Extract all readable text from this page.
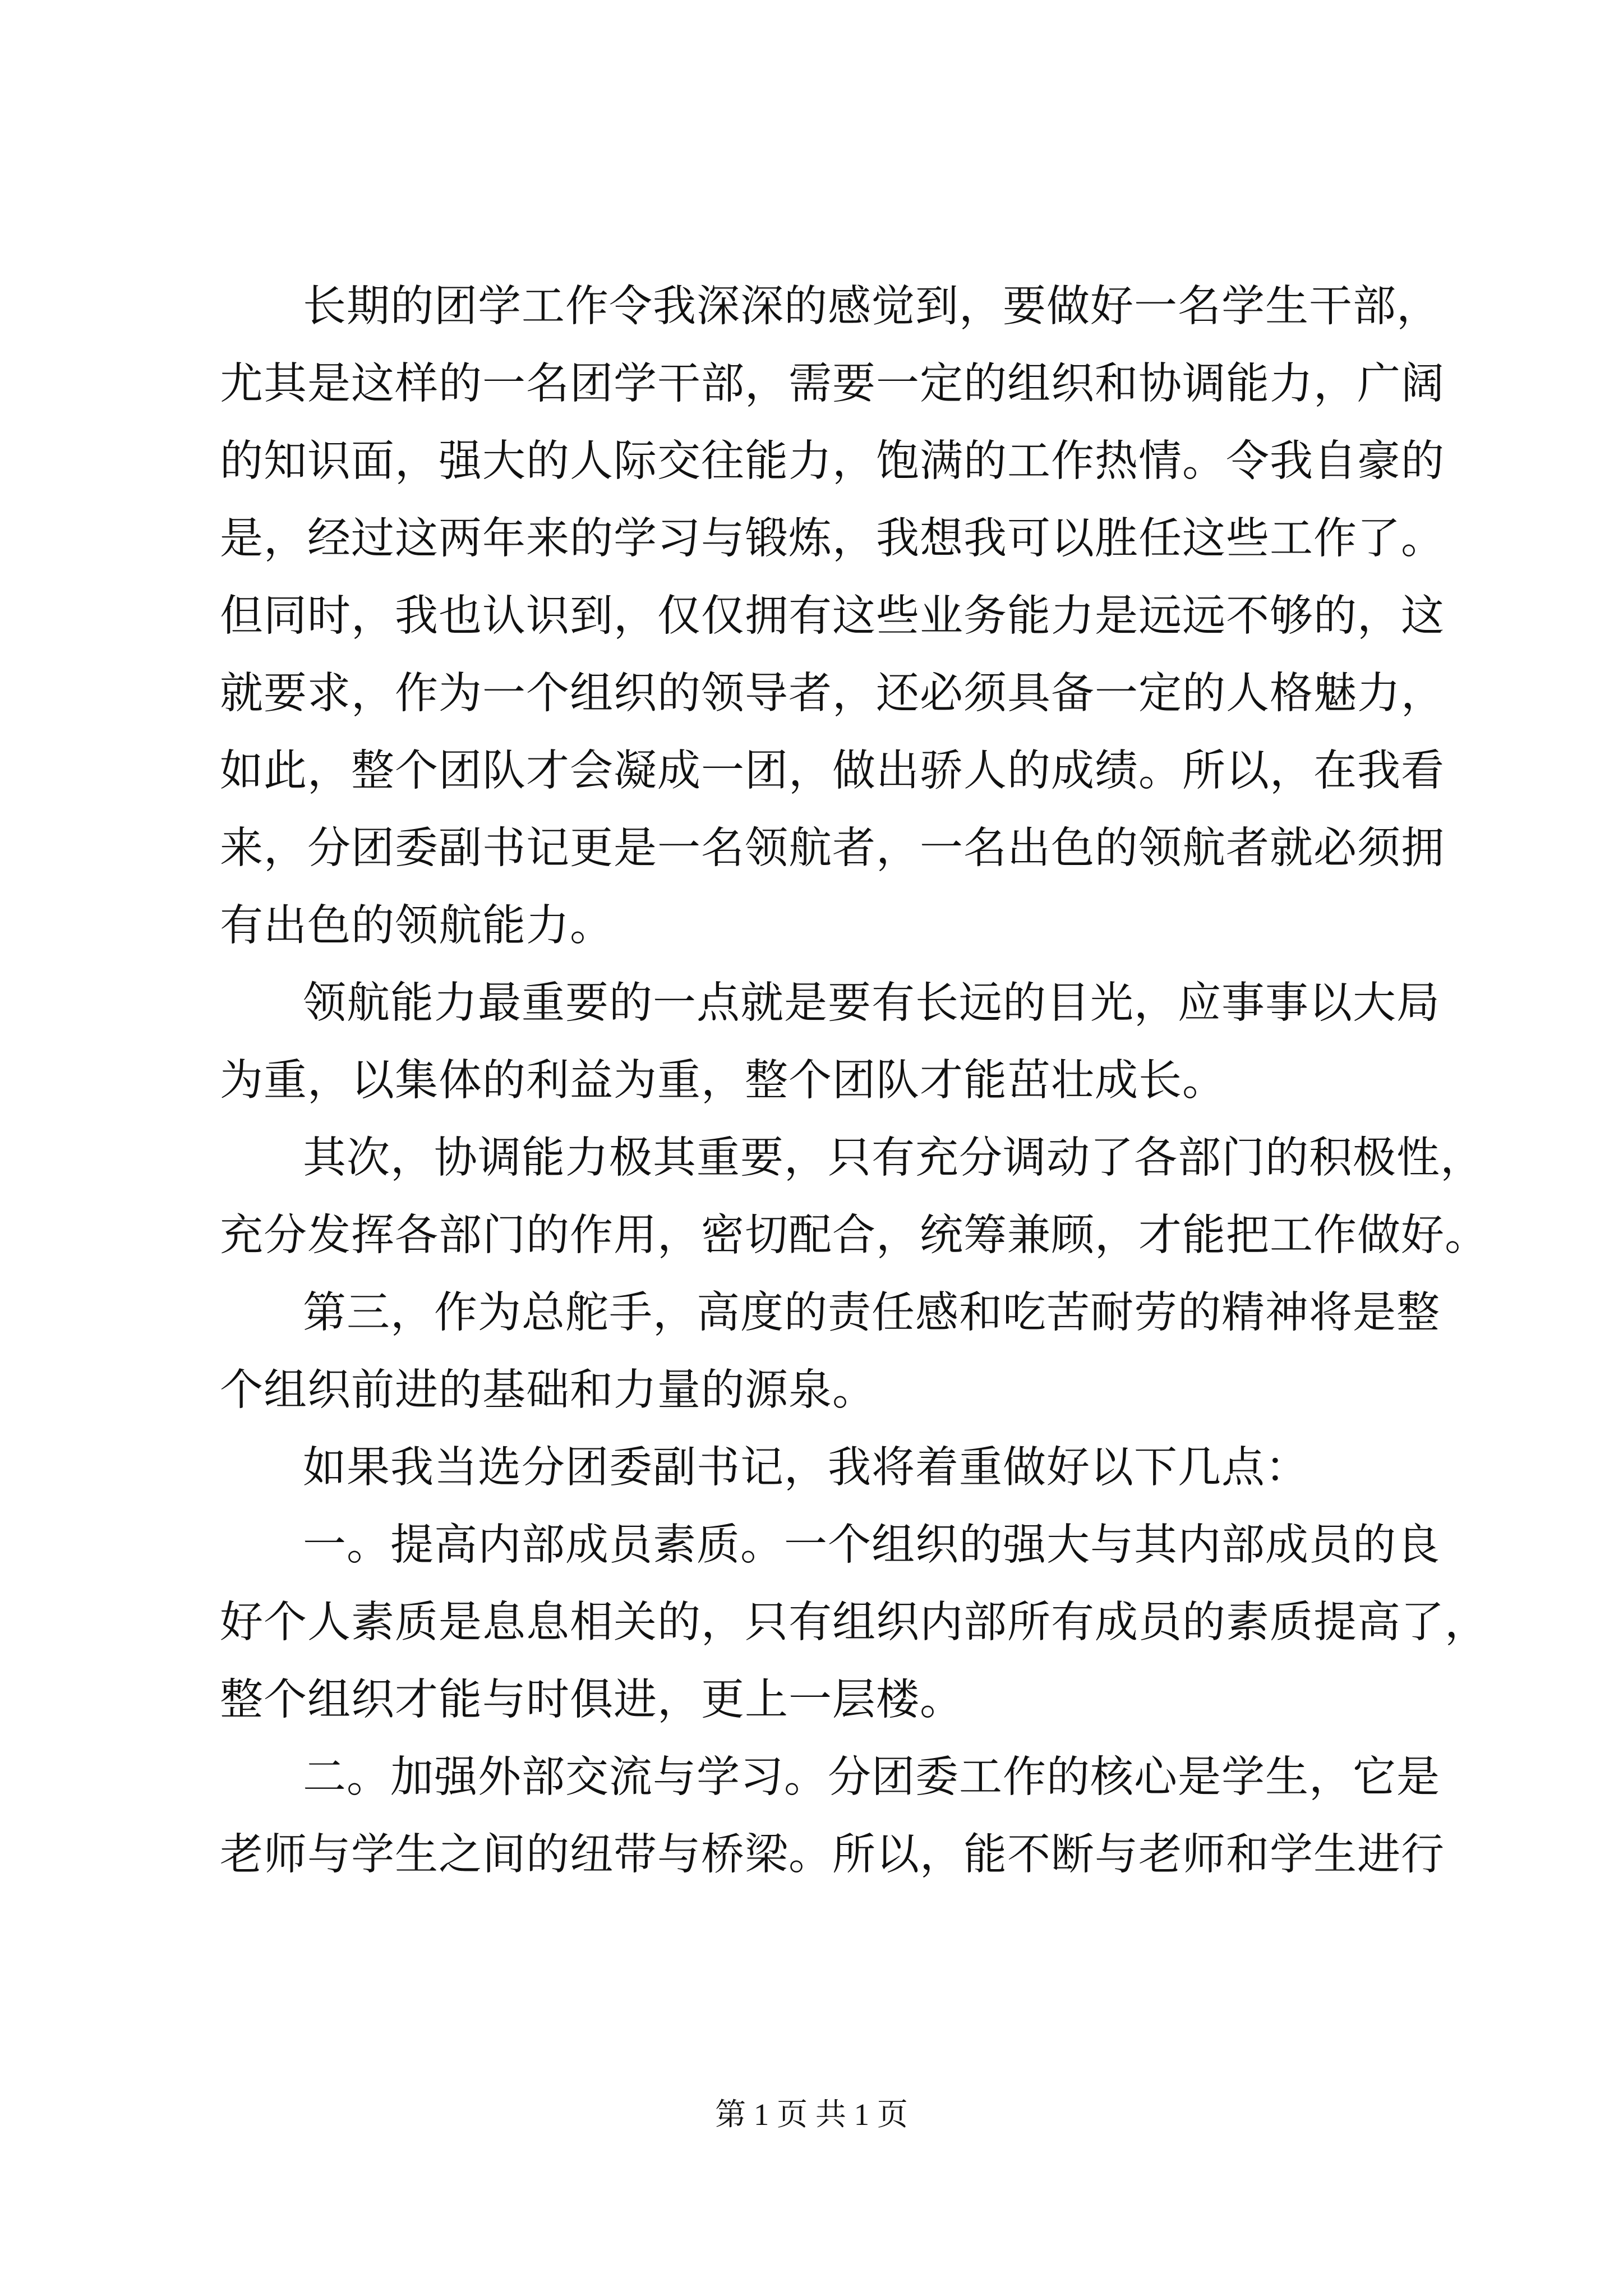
长期的团学工作令我深深的感觉到，要做好一名学生干部，
尤其是这样的一名团学干部，需要一定的组织和协调能力，广阔
的知识面，强大的人际交往能力，饱满的工作热情。令我自豪的
是，经过这两年来的学习与锻炼，我想我可以胜任这些工作了。
但同时，我也认识到，仅仅拥有这些业务能力是远远不够的，这
就要求，作为一个组织的领导者，还必须具备一定的人格魅力，
如此，整个团队才会凝成一团，做出骄人的成绩。所以，在我看
来，分团委副书记更是一名领航者，一名出色的领航者就必须拥
有出色的领航能力。
领航能力最重要的一点就是要有长远的目光，应事事以大局
为重，以集体的利益为重，整个团队才能茁壮成长。
其次，协调能力极其重要，只有充分调动了各部门的积极性，
充分发挥各部门的作用，密切配合，统筹兼顾，才能把工作做好。
第三，作为总舵手，高度的责任感和吃苦耐劳的精神将是整
个组织前进的基础和力量的源泉。
如果我当选分团委副书记，我将着重做好以下几点：
一。提高内部成员素质。一个组织的强大与其内部成员的良
好个人素质是息息相关的，只有组织内部所有成员的素质提高了，
整个组织才能与时俱进，更上一层楼。
二。加强外部交流与学习。分团委工作的核心是学生，它是
老师与学生之间的纽带与桥梁。所以，能不断与老师和学生进行
第 1 页 共 1 页
